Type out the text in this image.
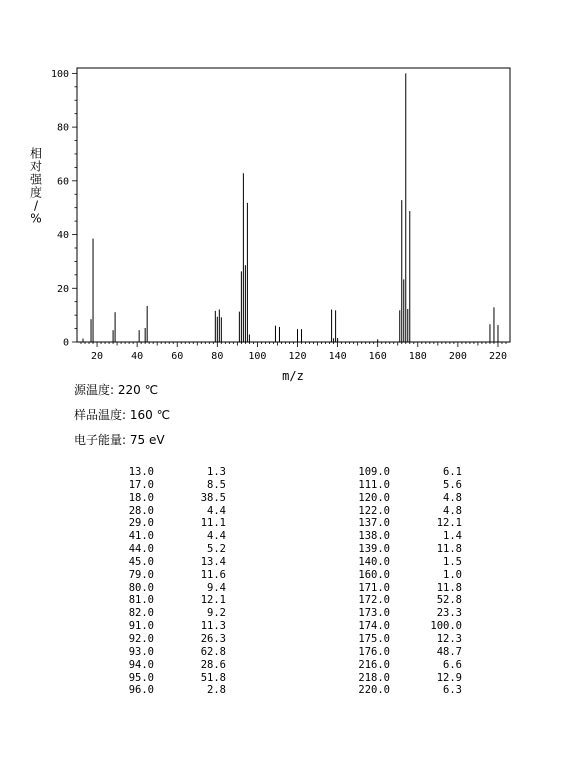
20	40	60	80	100 120 140 160 180 200 220
0
20
40
60
80
100
m/z
相对强度/ %
源温度: 220 ℃
样品温度: 160 ℃
电子能量: 75 eV
13.0	1.3
17.0	8.5
18.0	38.5
28.0	4.4
29.0	11.1
41.0	4.4
44.0	5.2
45.0	13.4
79.0	11.6
80.0	9.4
81.0	12.1
82.0	9.2
91.0	11.3
92.0	26.3
93.0	62.8
94.0	28.6
95.0	51.8
96.0	2.8
109.0	6.1
111.0	5.6
120.0	4.8
122.0	4.8
137.0	12.1
138.0	1.4
139.0	11.8
140.0	1.5
160.0	1.0
171.0	11.8
172.0	52.8
173.0	23.3
174.0	100.0
175.0	12.3
176.0	48.7
216.0	6.6
218.0	12.9
220.0	6.3
